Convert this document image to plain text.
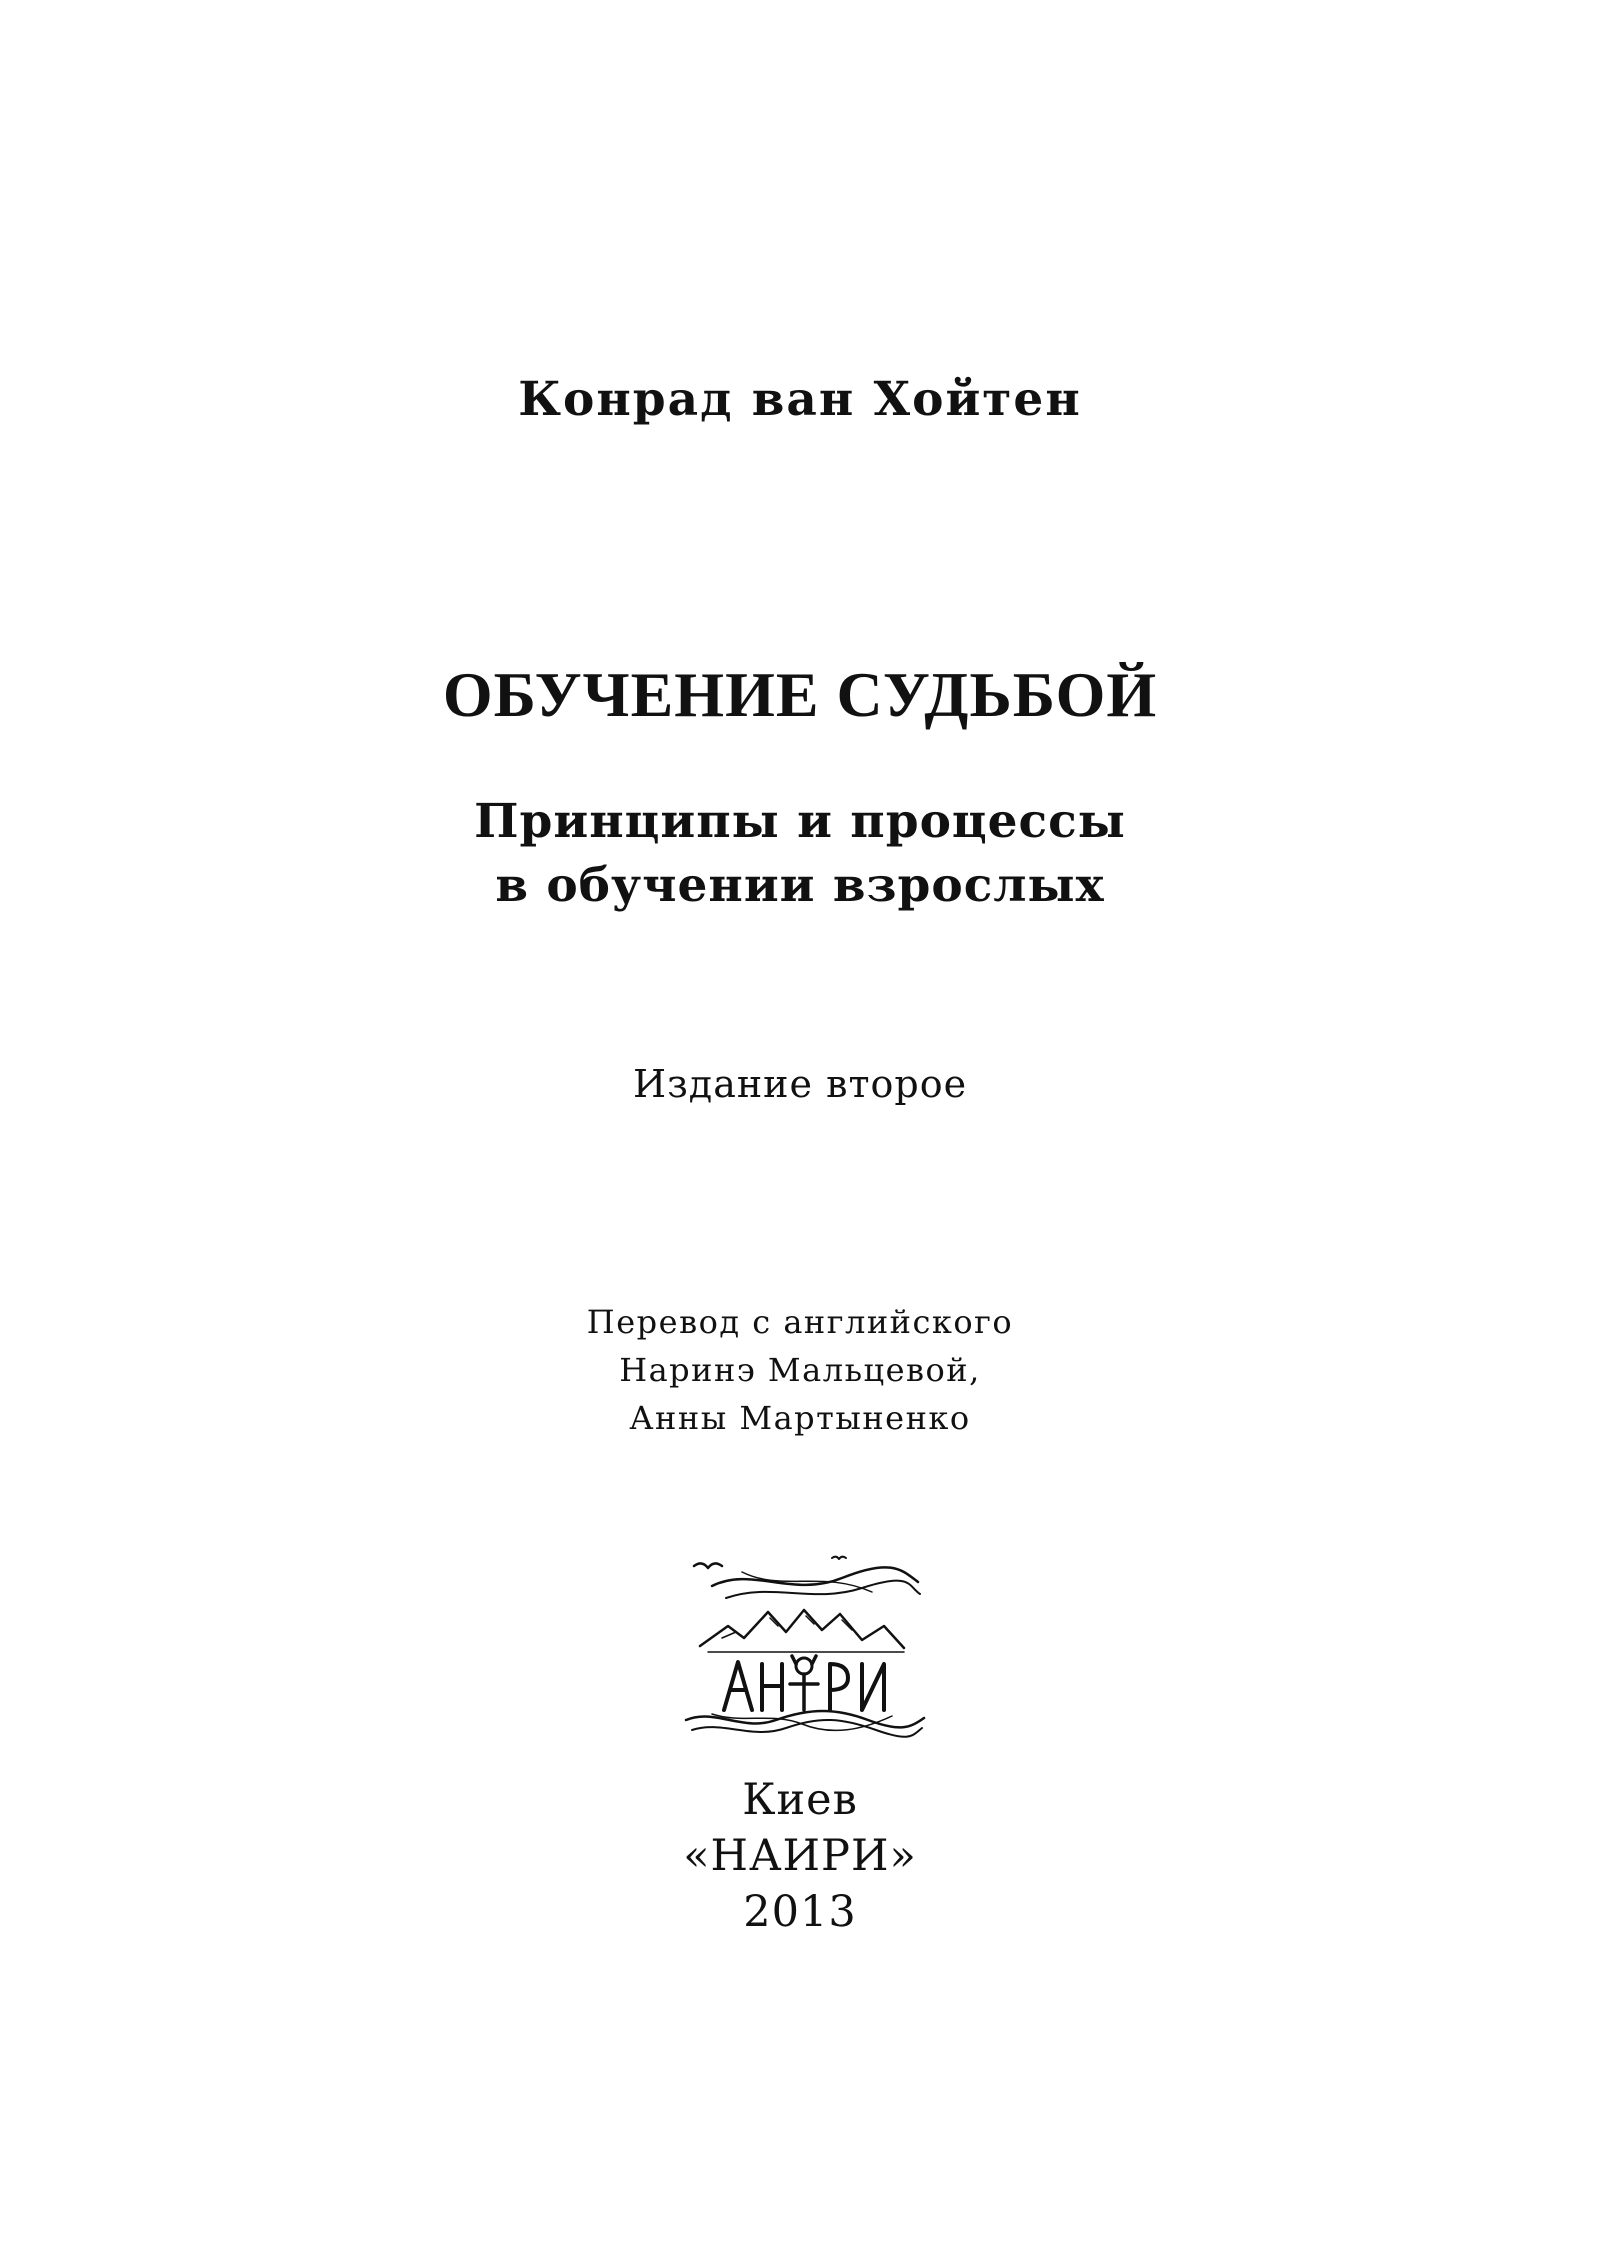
Конрад ван Хойтен
ОБУЧЕНИЕ СУДЬБОЙ
Принципы и процессы
в обучении взрослых
Издание второе
Перевод с английского
Наринэ Мальцевой,
Анны Мартыненко
Киев
«НАИРИ»
2013
